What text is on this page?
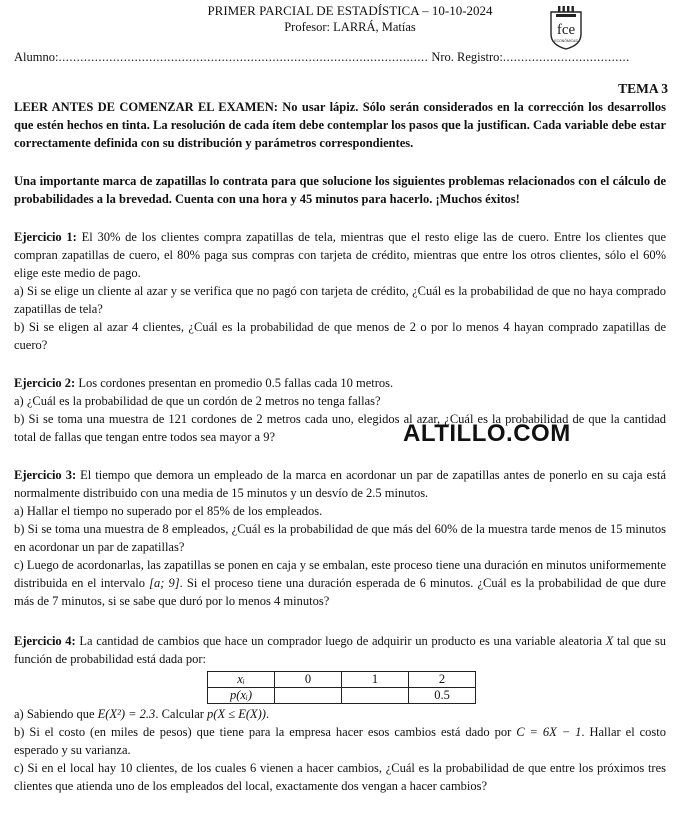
PRIMER PARCIAL DE ESTADÍSTICA – 10-10-2024
Profesor: LARRÁ, Matías	fce
ECONÓMICAS
Alumno:...................................................................................................... Nro. Registro:...................................
TEMA 3

LEER ANTES DE COMENZAR EL EXAMEN: No usar lápiz. Sólo serán considerados en la corrección los desarrollos que estén hechos en tinta. La resolución de cada ítem debe contemplar los pasos que la justifican. Cada variable debe estar correctamente definida con su distribución y parámetros correspondientes.

Una importante marca de zapatillas lo contrata para que solucione los siguientes problemas relacionados con el cálculo de probabilidades a la brevedad. Cuenta con una hora y 45 minutos para hacerlo. ¡Muchos éxitos!

Ejercicio 1: El 30% de los clientes compra zapatillas de tela, mientras que el resto elige las de cuero. Entre los clientes que compran zapatillas de cuero, el 80% paga sus compras con tarjeta de crédito, mientras que entre los otros clientes, sólo el 60% elige este medio de pago.

a) Si se elige un cliente al azar y se verifica que no pagó con tarjeta de crédito, ¿Cuál es la probabilidad de que no haya comprado zapatillas de tela?

b) Si se eligen al azar 4 clientes, ¿Cuál es la probabilidad de que menos de 2 o por lo menos 4 hayan comprado zapatillas de cuero?

Ejercicio 2: Los cordones presentan en promedio 0.5 fallas cada 10 metros.

a) ¿Cuál es la probabilidad de que un cordón de 2 metros no tenga fallas?

b) Si se toma una muestra de 121 cordones de 2 metros cada uno, elegidos al azar, ¿Cuál es la probabilidad de que la cantidad total de fallas que tengan entre todos sea mayor a 9?	ALTILLO.COM

Ejercicio 3: El tiempo que demora un empleado de la marca en acordonar un par de zapatillas antes de ponerlo en su caja está normalmente distribuido con una media de 15 minutos y un desvío de 2.5 minutos.

a) Hallar el tiempo no superado por el 85% de los empleados.

b) Si se toma una muestra de 8 empleados, ¿Cuál es la probabilidad de que más del 60% de la muestra tarde menos de 15 minutos en acordonar un par de zapatillas?

c) Luego de acordonarlas, las zapatillas se ponen en caja y se embalan, este proceso tiene una duración en minutos uniformemente distribuida en el intervalo [a; 9]. Si el proceso tiene una duración esperada de 6 minutos. ¿Cuál es la probabilidad de que dure más de 7 minutos, si se sabe que duró por lo menos 4 minutos?

Ejercicio 4: La cantidad de cambios que hace un comprador luego de adquirir un producto es una variable aleatoria X tal que su función de probabilidad está dada por:

xᵢ	0	1	2
p(xᵢ)			0.5

a) Sabiendo que E(X²) = 2.3. Calcular p(X ≤ E(X)).

b) Si el costo (en miles de pesos) que tiene para la empresa hacer esos cambios está dado por C = 6X − 1. Hallar el costo esperado y su varianza.

c) Si en el local hay 10 clientes, de los cuales 6 vienen a hacer cambios, ¿Cuál es la probabilidad de que entre los próximos tres clientes que atienda uno de los empleados del local, exactamente dos vengan a hacer cambios?
